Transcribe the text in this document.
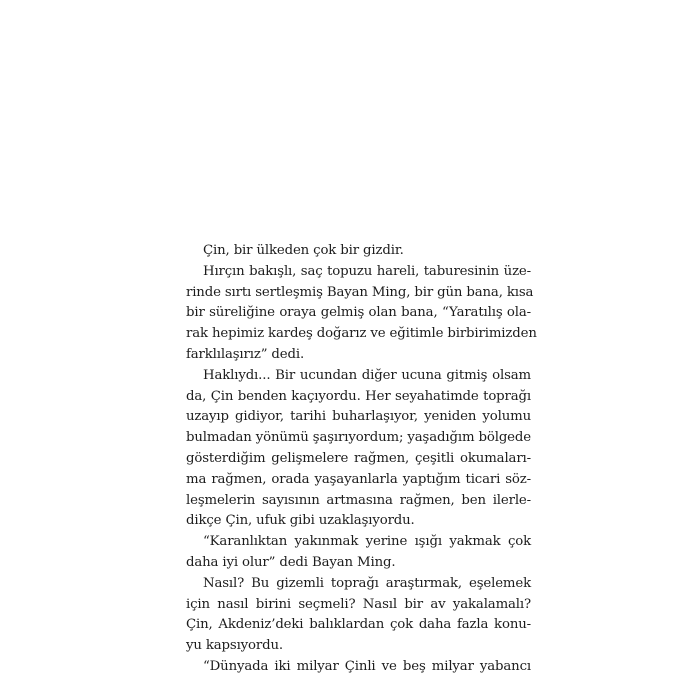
Çin, bir ülkeden çok bir gizdir.
Hırçın bakışlı, saç topuzu hareli, taburesinin üze-
rinde sırtı sertleşmiş Bayan Ming, bir gün bana, kısa
bir süreliğine oraya gelmiş olan bana, “Yaratılış ola-
rak hepimiz kardeş doğarız ve eğitimle birbirimizden
farklılaşırız” dedi.
Haklıydı... Bir ucundan diğer ucuna gitmiş olsam
da, Çin benden kaçıyordu. Her seyahatimde toprağı
uzayıp gidiyor, tarihi buharlaşıyor, yeniden yolumu
bulmadan yönümü şaşırıyordum; yaşadığım bölgede
gösterdiğim gelişmelere rağmen, çeşitli okumaları-
ma rağmen, orada yaşayanlarla yaptığım ticari söz-
leşmelerin sayısının artmasına rağmen, ben ilerle-
dikçe Çin, ufuk gibi uzaklaşıyordu.
“Karanlıktan yakınmak yerine ışığı yakmak çok
daha iyi olur” dedi Bayan Ming.
Nasıl? Bu gizemli toprağı araştırmak, eşelemek
için nasıl birini seçmeli? Nasıl bir av yakalamalı?
Çin, Akdeniz’deki balıklardan çok daha fazla konu-
yu kapsıyordu.
“Dünyada iki milyar Çinli ve beş milyar yabancı
